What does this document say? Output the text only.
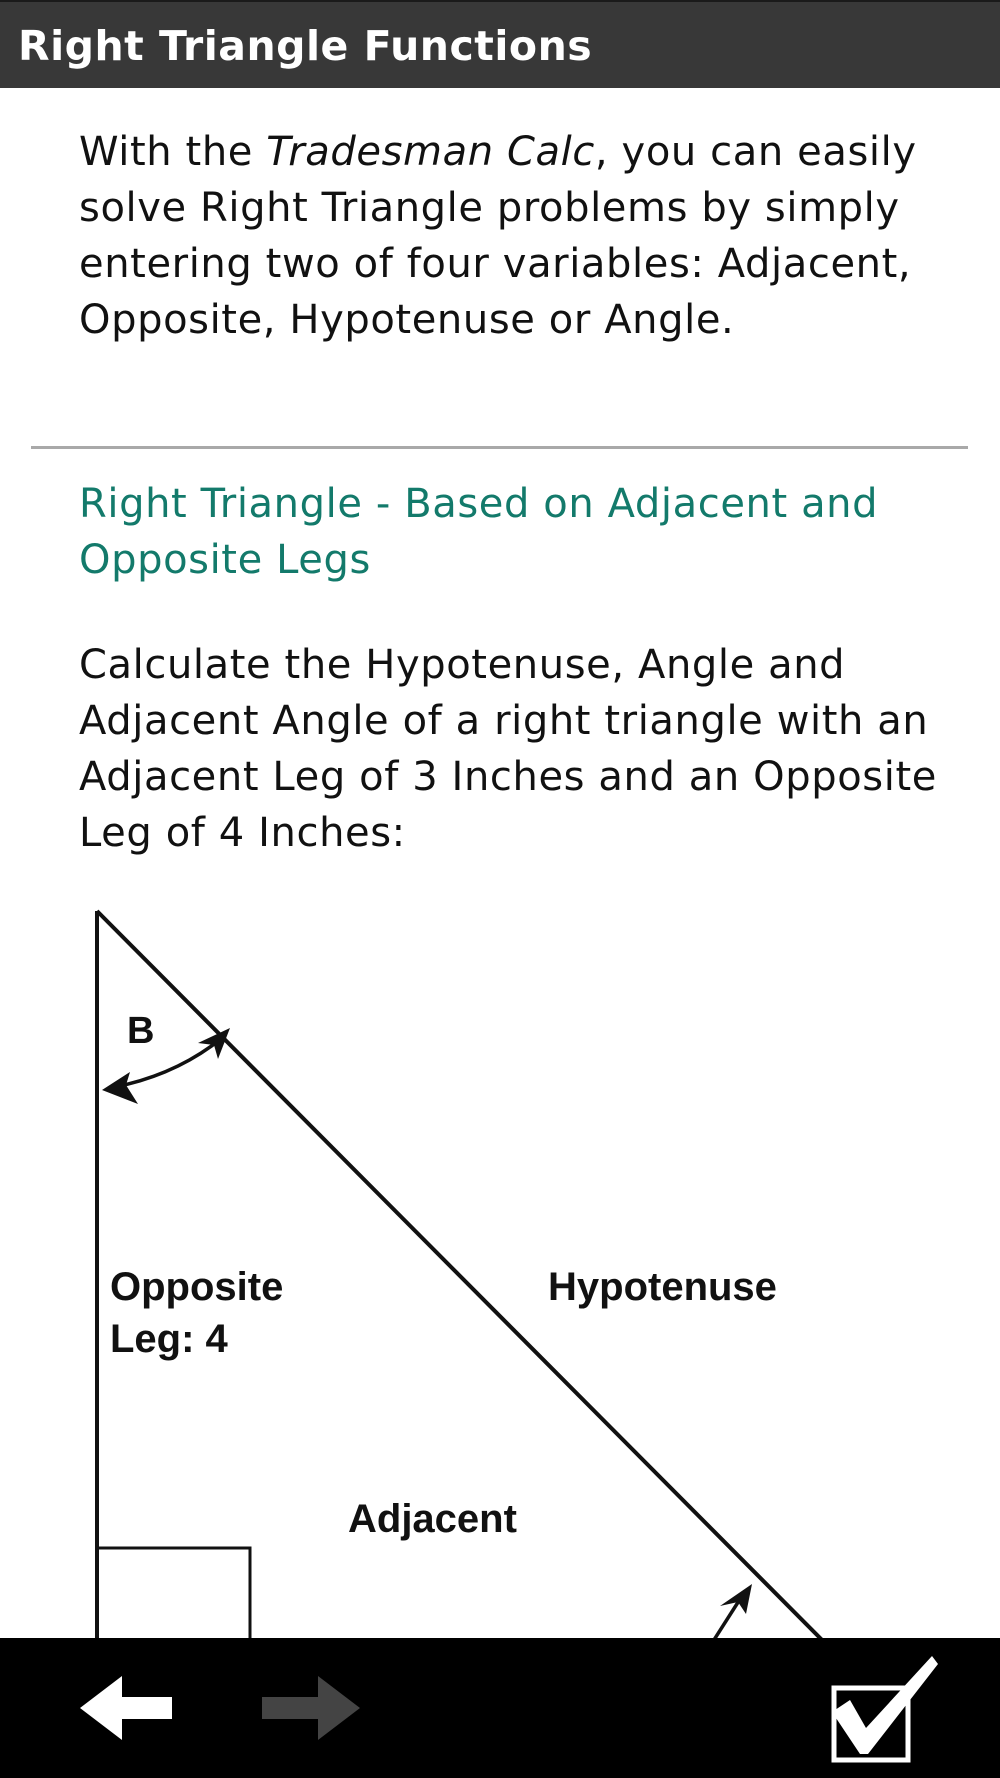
Right Triangle Functions

With the Tradesman Calc, you can easily solve Right Triangle problems by simply entering two of four variables: Adjacent, Opposite, Hypotenuse or Angle.

Right Triangle - Based on Adjacent and Opposite Legs

Calculate the Hypotenuse, Angle and Adjacent Angle of a right triangle with an Adjacent Leg of 3 Inches and an Opposite Leg of 4 Inches:

B
Opposite
Leg: 4
Hypotenuse
Adjacent
